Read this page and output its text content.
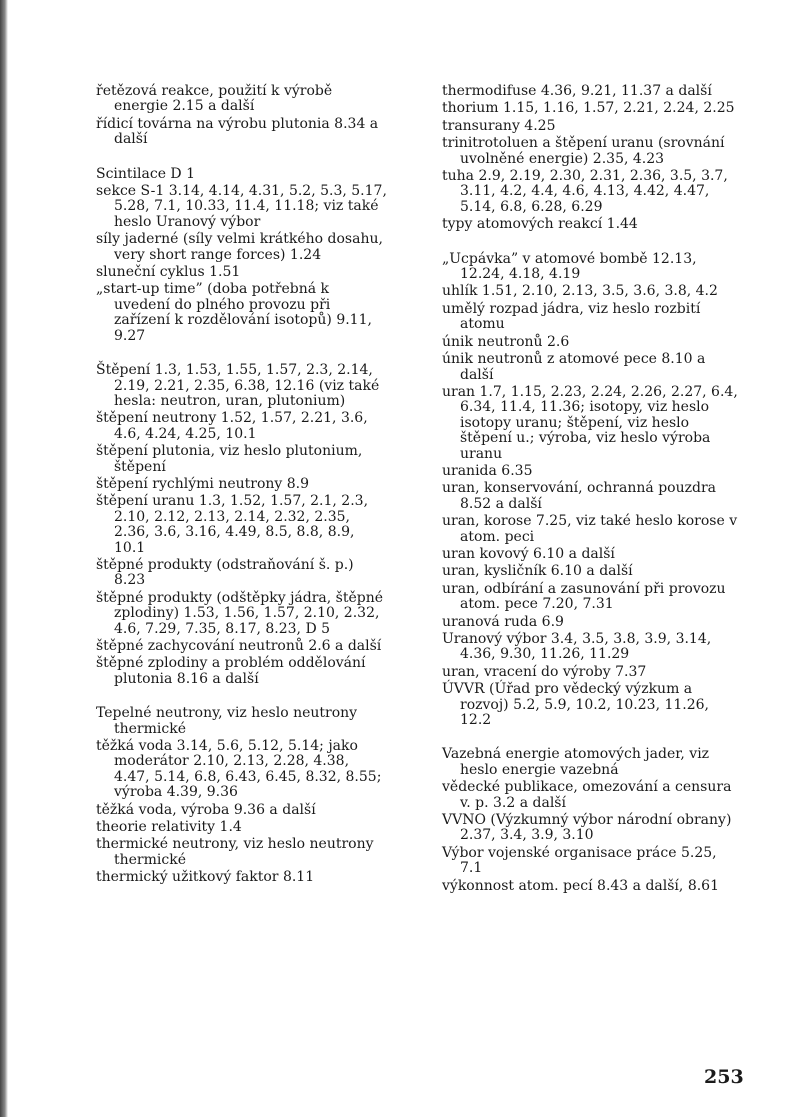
řetězová reakce, použití k výrobě energie 2.15 a další

řídicí továrna na výrobu plutonia 8.34 a další

Scintilace D 1

sekce S-1 3.14, 4.14, 4.31, 5.2, 5.3, 5.17, 5.28, 7.1, 10.33, 11.4, 11.18; viz také heslo Uranový výbor

síly jaderné (síly velmi krátkého dosahu, very short range forces) 1.24

sluneční cyklus 1.51

„start-up time” (doba potřebná k uvedení do plného provozu při zařízení k rozdělování isotopů) 9.11, 9.27

Štěpení 1.3, 1.53, 1.55, 1.57, 2.3, 2.14, 2.19, 2.21, 2.35, 6.38, 12.16 (viz také hesla: neutron, uran, plutonium)

štěpení neutrony 1.52, 1.57, 2.21, 3.6, 4.6, 4.24, 4.25, 10.1

štěpení plutonia, viz heslo plutonium, štěpení

štěpení rychlými neutrony 8.9

štěpení uranu 1.3, 1.52, 1.57, 2.1, 2.3, 2.10, 2.12, 2.13, 2.14, 2.32, 2.35, 2.36, 3.6, 3.16, 4.49, 8.5, 8.8, 8.9, 10.1

štěpné produkty (odstraňování š. p.) 8.23

štěpné produkty (odštěpky jádra, štěpné zplodiny) 1.53, 1.56, 1.57, 2.10, 2.32, 4.6, 7.29, 7.35, 8.17, 8.23, D 5

štěpné zachycování neutronů 2.6 a další

štěpné zplodiny a problém oddělování plutonia 8.16 a další

Tepelné neutrony, viz heslo neutrony thermické

těžká voda 3.14, 5.6, 5.12, 5.14; jako moderátor 2.10, 2.13, 2.28, 4.38, 4.47, 5.14, 6.8, 6.43, 6.45, 8.32, 8.55; výroba 4.39, 9.36

těžká voda, výroba 9.36 a další

theorie relativity 1.4

thermické neutrony, viz heslo neutrony thermické

thermický užitkový faktor 8.11

thermodifuse 4.36, 9.21, 11.37 a další

thorium 1.15, 1.16, 1.57, 2.21, 2.24, 2.25

transurany 4.25

trinitrotoluen a štěpení uranu (srovnání uvolněné energie) 2.35, 4.23

tuha 2.9, 2.19, 2.30, 2.31, 2.36, 3.5, 3.7, 3.11, 4.2, 4.4, 4.6, 4.13, 4.42, 4.47, 5.14, 6.8, 6.28, 6.29

typy atomových reakcí 1.44

„Ucpávka” v atomové bombě 12.13, 12.24, 4.18, 4.19

uhlík 1.51, 2.10, 2.13, 3.5, 3.6, 3.8, 4.2

umělý rozpad jádra, viz heslo rozbití atomu

únik neutronů 2.6

únik neutronů z atomové pece 8.10 a další

uran 1.7, 1.15, 2.23, 2.24, 2.26, 2.27, 6.4, 6.34, 11.4, 11.36; isotopy, viz heslo isotopy uranu; štěpení, viz heslo štěpení u.; výroba, viz heslo výroba uranu

uranida 6.35

uran, konservování, ochranná pouzdra 8.52 a další

uran, korose 7.25, viz také heslo korose v atom. peci

uran kovový 6.10 a další

uran, kysličník 6.10 a další

uran, odbírání a zasunování při provozu atom. pece 7.20, 7.31

uranová ruda 6.9

Uranový výbor 3.4, 3.5, 3.8, 3.9, 3.14, 4.36, 9.30, 11.26, 11.29

uran, vracení do výroby 7.37

ÚVVR (Úřad pro vědecký výzkum a rozvoj) 5.2, 5.9, 10.2, 10.23, 11.26, 12.2

Vazebná energie atomových jader, viz heslo energie vazebná

vědecké publikace, omezování a censura v. p. 3.2 a další

VVNO (Výzkumný výbor národní obrany) 2.37, 3.4, 3.9, 3.10

Výbor vojenské organisace práce 5.25, 7.1

výkonnost atom. pecí 8.43 a další, 8.61

253
